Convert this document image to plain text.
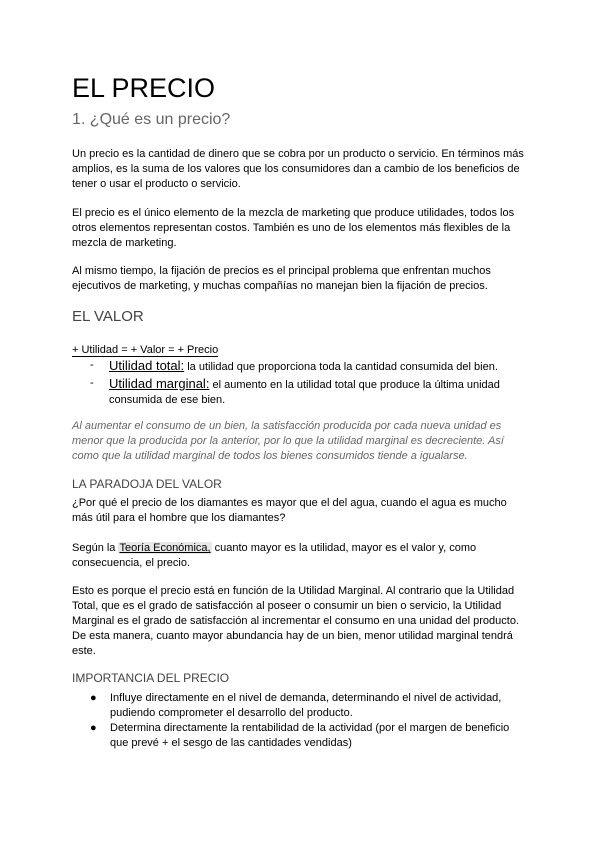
EL PRECIO
1. ¿Qué es un precio?

Un precio es la cantidad de dinero que se cobra por un producto o servicio. En términos más amplios, es la suma de los valores que los consumidores dan a cambio de los beneficios de tener o usar el producto o servicio.

El precio es el único elemento de la mezcla de marketing que produce utilidades, todos los otros elementos representan costos. También es uno de los elementos más flexibles de la mezcla de marketing.

Al mismo tiempo, la fijación de precios es el principal problema que enfrentan muchos ejecutivos de marketing, y muchas compañías no manejan bien la fijación de precios.

EL VALOR
+ Utilidad = + Valor = + Precio
- Utilidad total: la utilidad que proporciona toda la cantidad consumida del bien.
- Utilidad marginal: el aumento en la utilidad total que produce la última unidad consumida de ese bien.

Al aumentar el consumo de un bien, la satisfacción producida por cada nueva unidad es menor que la producida por la anterior, por lo que la utilidad marginal es decreciente. Así como que la utilidad marginal de todos los bienes consumidos tiende a igualarse.

LA PARADOJA DEL VALOR

¿Por qué el precio de los diamantes es mayor que el del agua, cuando el agua es mucho más útil para el hombre que los diamantes?

Según la Teoría Económica, cuanto mayor es la utilidad, mayor es el valor y, como consecuencia, el precio.

Esto es porque el precio está en función de la Utilidad Marginal. Al contrario que la Utilidad Total, que es el grado de satisfacción al poseer o consumir un bien o servicio, la Utilidad Marginal es el grado de satisfacción al incrementar el consumo en una unidad del producto. De esta manera, cuanto mayor abundancia hay de un bien, menor utilidad marginal tendrá este.

IMPORTANCIA DEL PRECIO
● Influye directamente en el nivel de demanda, determinando el nivel de actividad, pudiendo comprometer el desarrollo del producto.
● Determina directamente la rentabilidad de la actividad (por el margen de beneficio que prevé + el sesgo de las cantidades vendidas)
